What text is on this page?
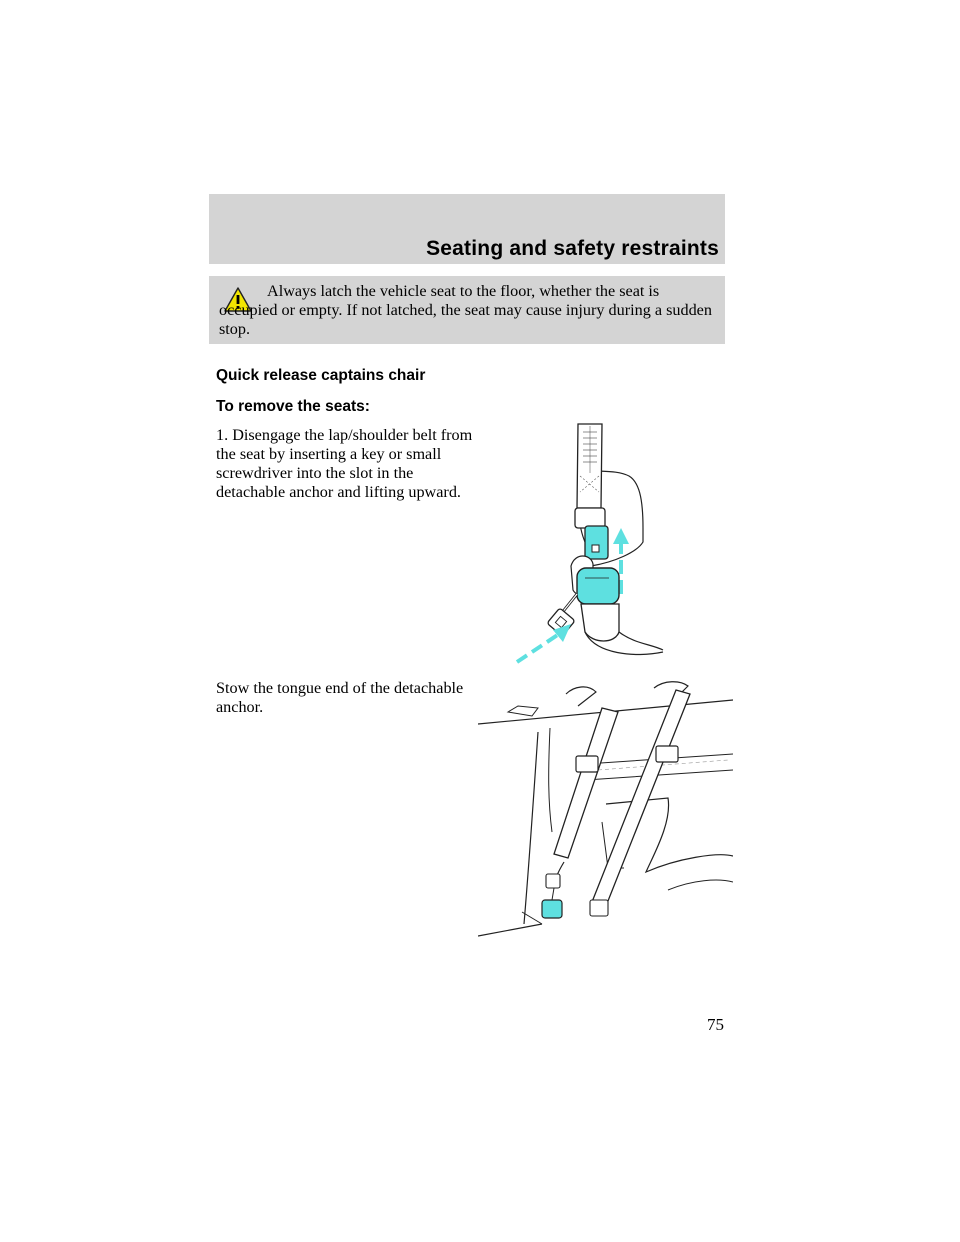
Seating and safety restraints
Always latch the vehicle seat to the floor, whether the seat is occupied or empty. If not latched, the seat may cause injury during a sudden stop.
Quick release captains chair
To remove the seats:
1. Disengage the lap/shoulder belt from the seat by inserting a key or small screwdriver into the slot in the detachable anchor and lifting upward.
Stow the tongue end of the detachable anchor.
75
